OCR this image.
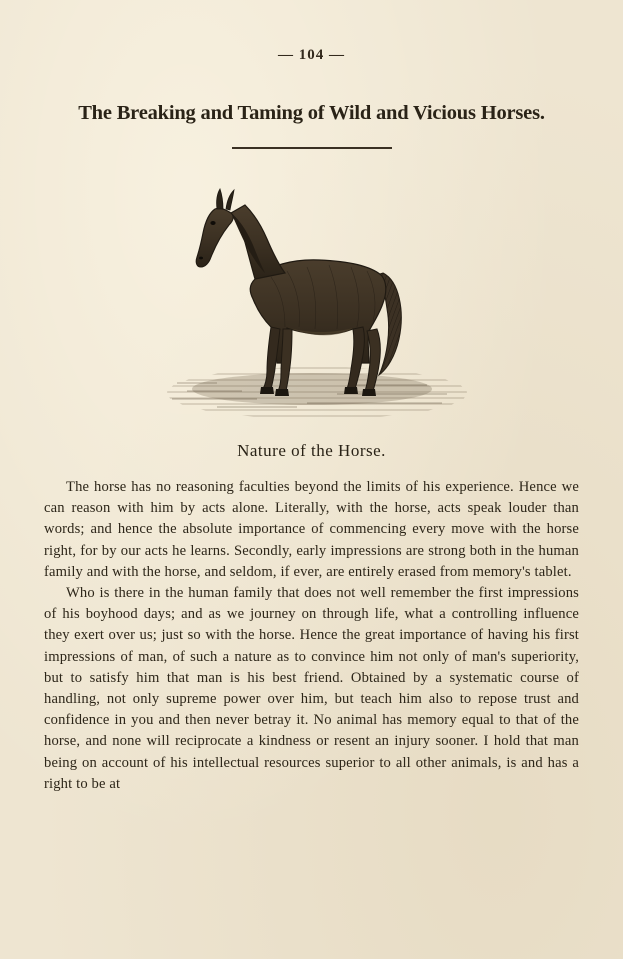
— 104 —
The Breaking and Taming of Wild and Vicious Horses.
Nature of the Horse.

The horse has no reasoning faculties beyond the limits of his experience. Hence we can reason with him by acts alone. Literally, with the horse, acts speak louder than words; and hence the absolute importance of commencing every move with the horse right, for by our acts he learns. Secondly, early impressions are strong both in the human family and with the horse, and seldom, if ever, are entirely erased from memory's tablet.

Who is there in the human family that does not well remember the first impressions of his boyhood days; and as we journey on through life, what a controlling influence they exert over us; just so with the horse. Hence the great importance of having his first impressions of man, of such a nature as to convince him not only of man's superiority, but to satisfy him that man is his best friend. Obtained by a systematic course of handling, not only supreme power over him, but teach him also to repose trust and confidence in you and then never betray it. No animal has memory equal to that of the horse, and none will reciprocate a kindness or resent an injury sooner. I hold that man being on account of his intellectual resources superior to all other animals, is and has a right to be at
